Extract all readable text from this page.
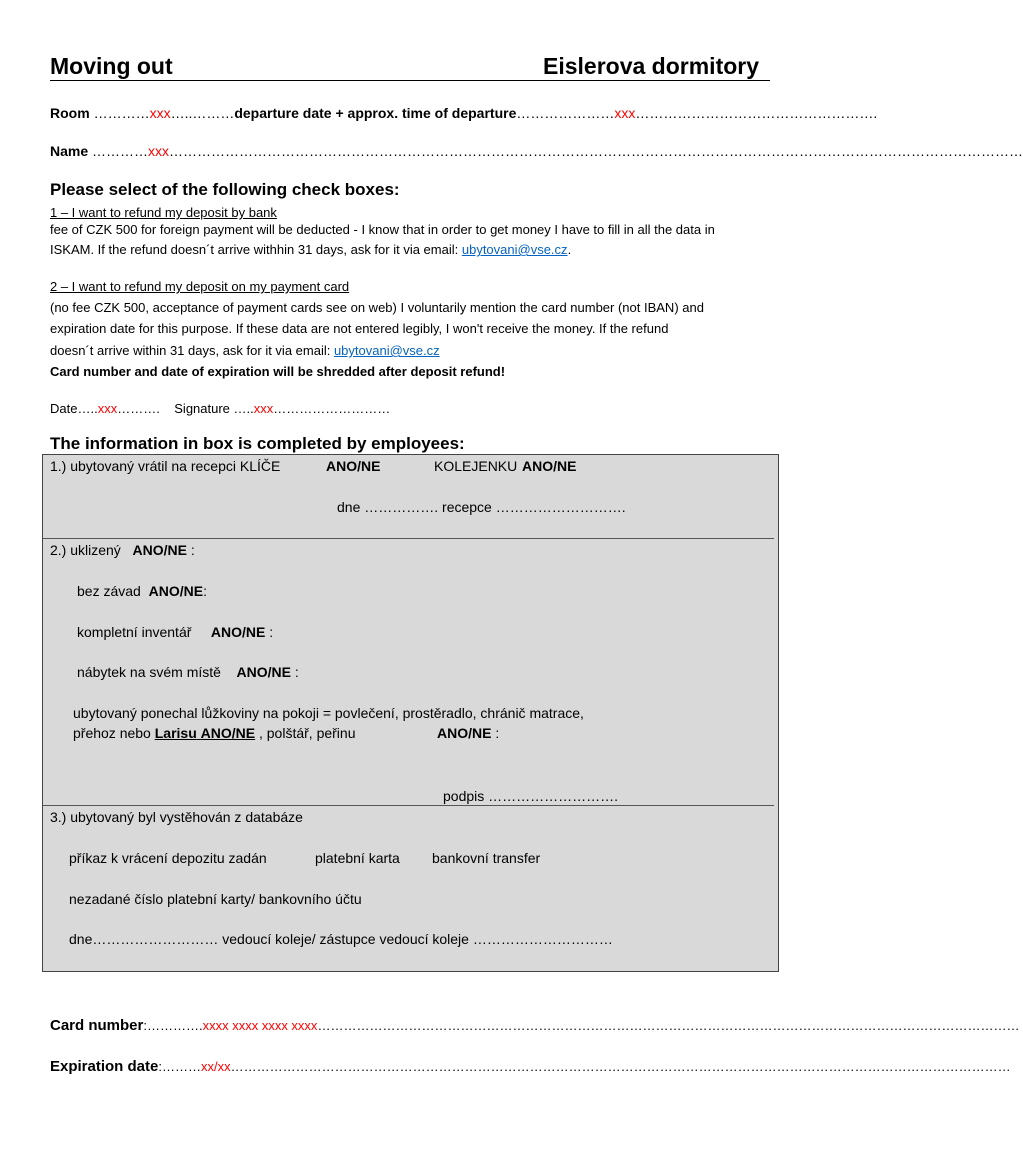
Moving out	Eislerova dormitory
Room …………xxx…..………departure date + approx. time of departure…………………xxx…………………………………………….
Name …………xxx…………………………………………………………………………………………………………………………………………………………………
Please select of the following check boxes:
1 – I want to refund my deposit by bank
fee of CZK 500 for foreign payment will be deducted - I know that in order to get money I have to fill in all the data in
ISKAM. If the refund doesn´t arrive withhin 31 days, ask for it via email: ubytovani@vse.cz.
2 – I want to refund my deposit on my payment card
(no fee CZK 500, acceptance of payment cards see on web) I voluntarily mention the card number (not IBAN) and
expiration date for this purpose. If these data are not entered legibly, I won't receive the money. If the refund
doesn´t arrive within 31 days, ask for it via email: ubytovani@vse.cz
Card number and date of expiration will be shredded after deposit refund!
Date…..xxx………. Signature …..xxx………………………
The information in box is completed by employees:
1.) ubytovaný vrátil na recepci KLÍČE	ANO/NE	KOLEJENKU ANO/NE
dne ……………. recepce ……………………….
2.) uklizený ANO/NE :
bez závad ANO/NE:
kompletní inventář ANO/NE :
nábytek na svém místě ANO/NE :
ubytovaný ponechal lůžkoviny na pokoji = povlečení, prostěradlo, chránič matrace,
přehoz nebo Larisu ANO/NE , polštář, peřinu	ANO/NE :
podpis ……………………….
3.) ubytovaný byl vystěhován z databáze
příkaz k vrácení depozitu zadán	platební karta bankovní transfer
nezadané číslo platební karty/ bankovního účtu
dne……………………… vedoucí koleje/ zástupce vedoucí koleje …………………………
Card number:………….xxxx xxxx xxxx xxxx………………………………………………………………………………………………………………………………………………
Expiration date:………xx/xx………………………………………………………………………………………………………………………………………………………………
